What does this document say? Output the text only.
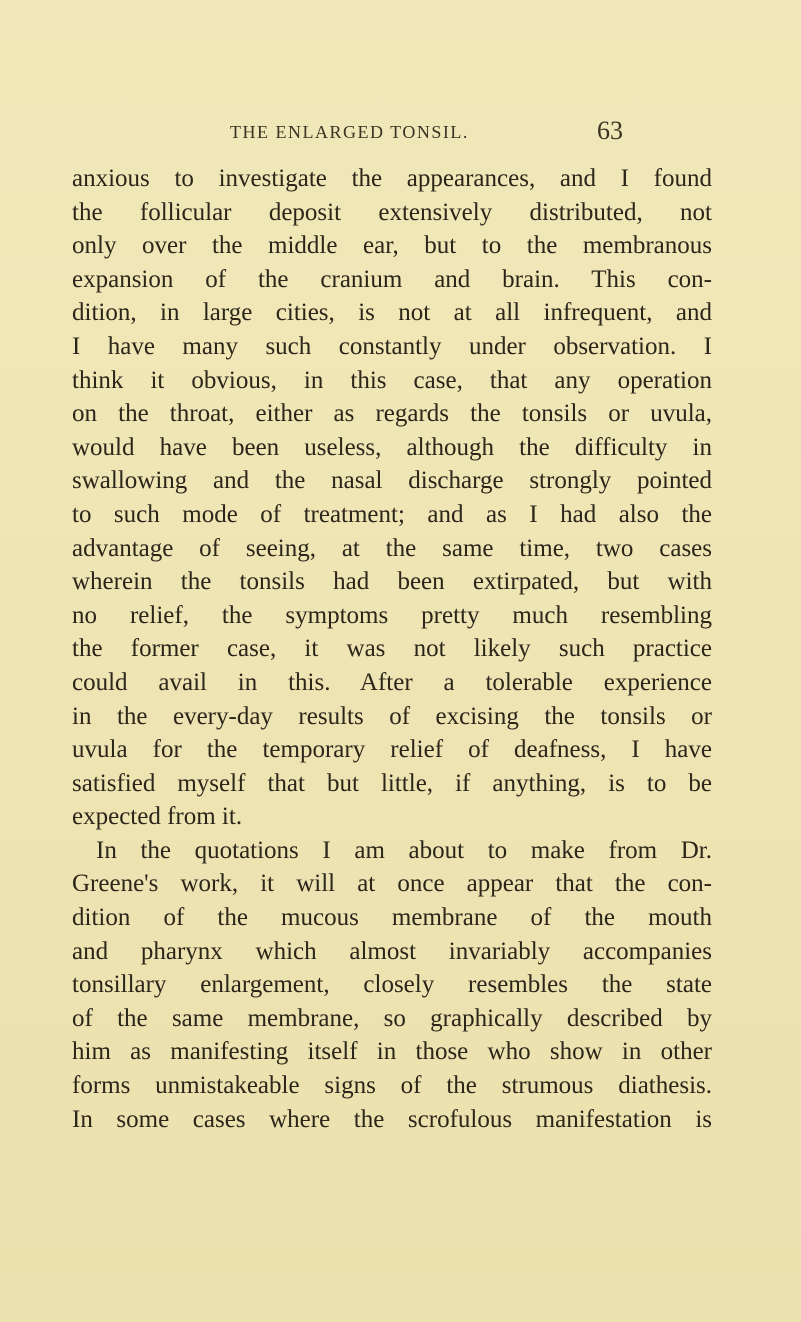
THE ENLARGED TONSIL.	63
anxious to investigate the appearances, and I found
the follicular deposit extensively distributed, not
only over the middle ear, but to the membranous
expansion of the cranium and brain. This con-
dition, in large cities, is not at all infrequent, and
I have many such constantly under observation. I
think it obvious, in this case, that any operation
on the throat, either as regards the tonsils or uvula,
would have been useless, although the difficulty in
swallowing and the nasal discharge strongly pointed
to such mode of treatment; and as I had also the
advantage of seeing, at the same time, two cases
wherein the tonsils had been extirpated, but with
no relief, the symptoms pretty much resembling
the former case, it was not likely such practice
could avail in this. After a tolerable experience
in the every-day results of excising the tonsils or
uvula for the temporary relief of deafness, I have
satisfied myself that but little, if anything, is to be
expected from it.
In the quotations I am about to make from Dr.
Greene's work, it will at once appear that the con-
dition of the mucous membrane of the mouth
and pharynx which almost invariably accompanies
tonsillary enlargement, closely resembles the state
of the same membrane, so graphically described by
him as manifesting itself in those who show in other
forms unmistakeable signs of the strumous diathesis.
In some cases where the scrofulous manifestation is
